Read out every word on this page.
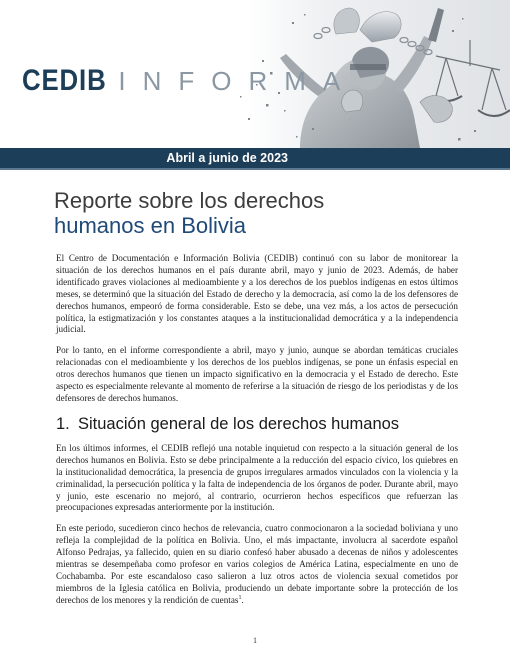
CEDIB INFORMA
Abril a junio de 2023
Reporte sobre los derechos
humanos en Bolivia

El Centro de Documentación e Información Bolivia (CEDIB) continuó con su labor de monitorear la situación de los derechos humanos en el país durante abril, mayo y junio de 2023. Además, de haber identificado graves violaciones al medioambiente y a los derechos de los pueblos indígenas en estos últimos meses, se determinó que la situación del Estado de derecho y la democracia, así como la de los defensores de derechos humanos, empeoró de forma considerable. Esto se debe, una vez más, a los actos de persecución política, la estigmatización y los constantes ataques a la institucionalidad democrática y a la independencia judicial.

Por lo tanto, en el informe correspondiente a abril, mayo y junio, aunque se abordan temáticas cruciales relacionadas con el medioambiente y los derechos de los pueblos indígenas, se pone un énfasis especial en otros derechos humanos que tienen un impacto significativo en la democracia y el Estado de derecho. Este aspecto es especialmente relevante al momento de referirse a la situación de riesgo de los periodistas y de los defensores de derechos humanos.

1. Situación general de los derechos humanos

En los últimos informes, el CEDIB reflejó una notable inquietud con respecto a la situación general de los derechos humanos en Bolivia. Esto se debe principalmente a la reducción del espacio cívico, los quiebres en la institucionalidad democrática, la presencia de grupos irregulares armados vinculados con la violencia y la criminalidad, la persecución política y la falta de independencia de los órganos de poder. Durante abril, mayo y junio, este escenario no mejoró, al contrario, ocurrieron hechos específicos que refuerzan las preocupaciones expresadas anteriormente por la institución.

En este periodo, sucedieron cinco hechos de relevancia, cuatro conmocionaron a la sociedad boliviana y uno refleja la complejidad de la política en Bolivia. Uno, el más impactante, involucra al sacerdote español Alfonso Pedrajas, ya fallecido, quien en su diario confesó haber abusado a decenas de niños y adolescentes mientras se desempeñaba como profesor en varios colegios de América Latina, especialmente en uno de Cochabamba. Por este escandaloso caso salieron a luz otros actos de violencia sexual cometidos por miembros de la Iglesia católica en Bolivia, produciendo un debate importante sobre la protección de los derechos de los menores y la rendición de cuentas$^1$.

1
